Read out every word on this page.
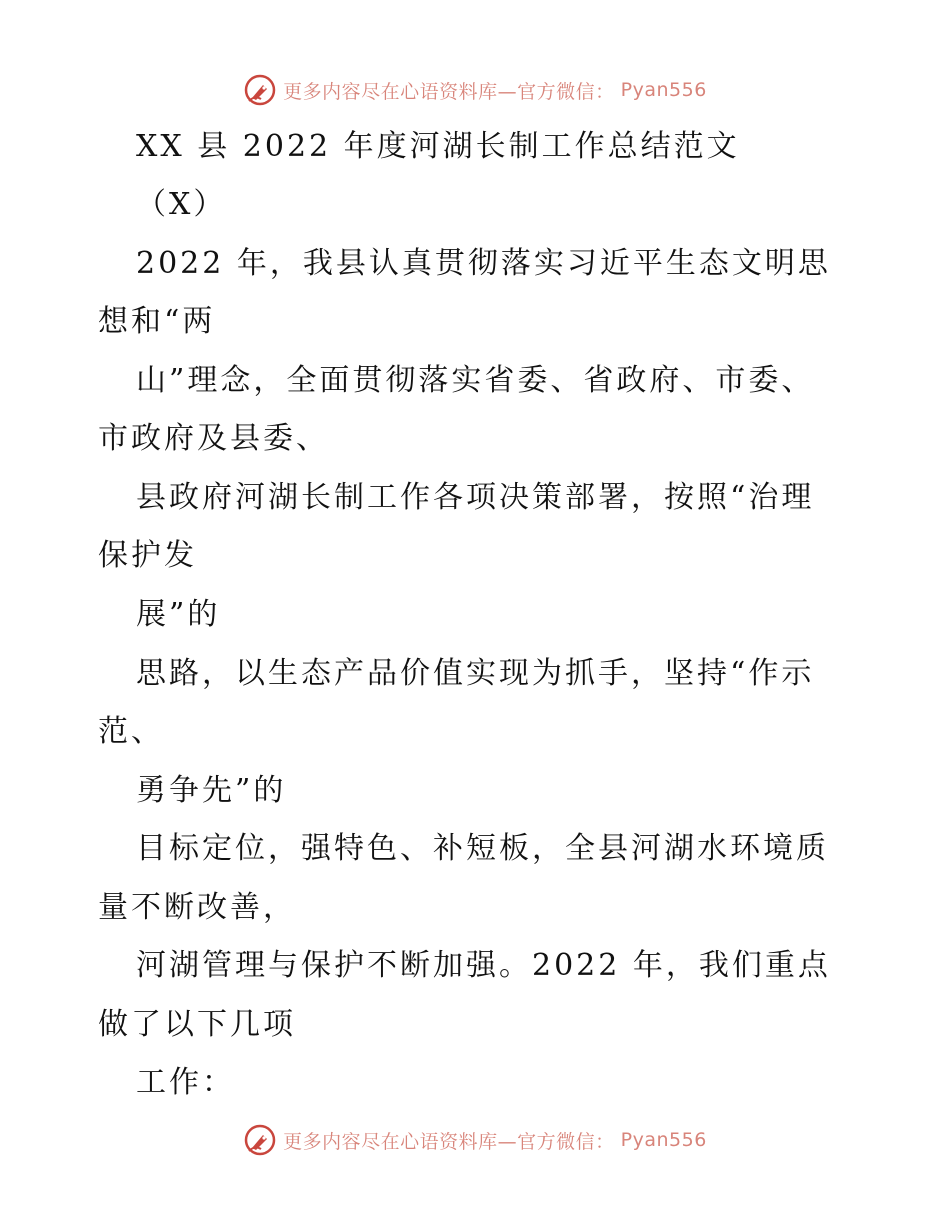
更多内容尽在心语资料库—官方微信： Pyan556
XX 县 2022 年度河湖长制工作总结范文
（X）
2022 年，我县认真贯彻落实习近平生态文明思
想和“两
山”理念，全面贯彻落实省委、省政府、市委、
市政府及县委、
县政府河湖长制工作各项决策部署，按照“治理
保护发
展”的
思路，以生态产品价值实现为抓手，坚持“作示
范、
勇争先”的
目标定位，强特色、补短板，全县河湖水环境质
量不断改善，
河湖管理与保护不断加强。2022 年，我们重点
做了以下几项
工作：
更多内容尽在心语资料库—官方微信： Pyan556
